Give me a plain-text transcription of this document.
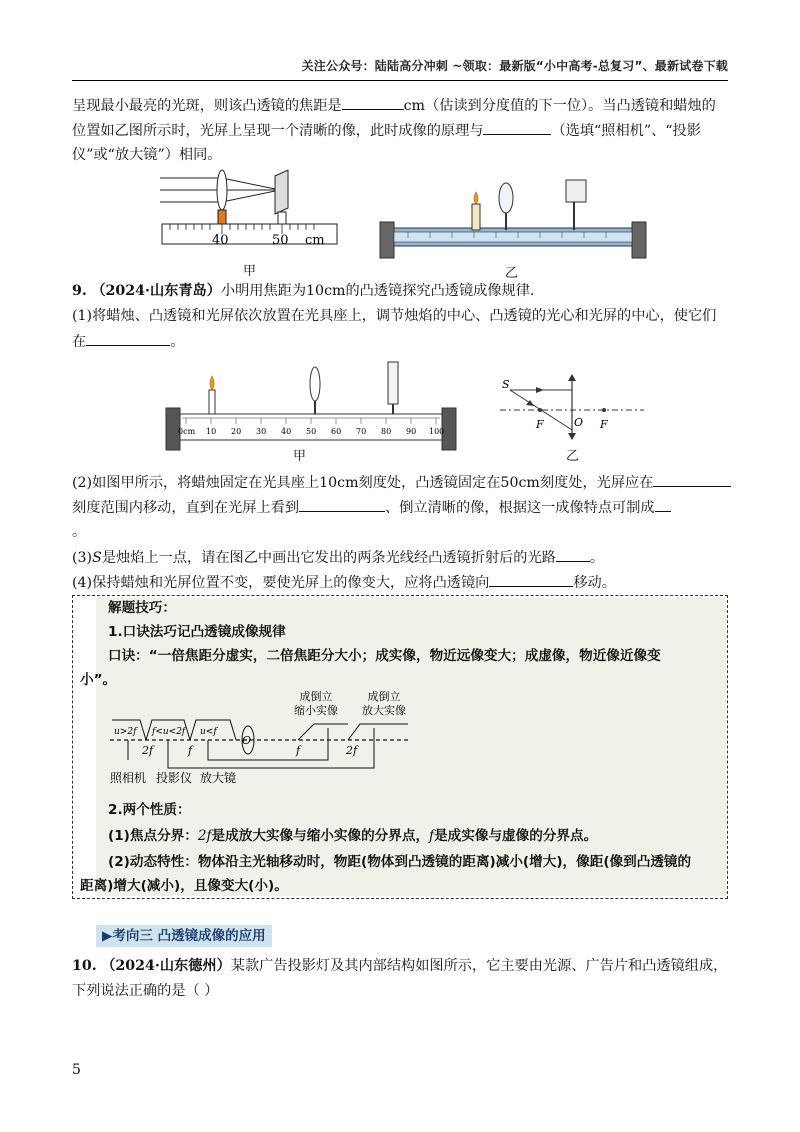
关注公众号：陆陆高分冲刺 ~领取：最新版“小中高考-总复习”、最新试卷下载
呈现最小最亮的光斑，则该凸透镜的焦距是	cm（估读到分度值的下一位）。当凸透镜和蜡烛的
位置如乙图所示时，光屏上呈现一个清晰的像，此时成像的原理与	（选填“照相机”、“投影
仪”或“放大镜”）相同。
40	50 cm
甲	乙
9. （2024·山东青岛）小明用焦距为10cm的凸透镜探究凸透镜成像规律.
(1)将蜡烛、凸透镜和光屏依次放置在光具座上，调节烛焰的中心、凸透镜的光心和光屏的中心，使它们
在	。
0cm 10 20 30 40 50 60 70 80 90 100
甲
S
F	O F
乙
(2)如图甲所示，将蜡烛固定在光具座上10cm刻度处，凸透镜固定在50cm刻度处，光屏应在
刻度范围内移动，直到在光屏上看到	、倒立清晰的像，根据这一成像特点可制成
。
(3)S是烛焰上一点，请在图乙中画出它发出的两条光线经凸透镜折射后的光路 。
(4)保持蜡烛和光屏位置不变，要使光屏上的像变大，应将凸透镜向	移动。
解题技巧：
1.口诀法巧记凸透镜成像规律
口诀：“一倍焦距分虚实，二倍焦距分大小；成实像，物近远像变大；成虚像，物近像近像变
小”。
成倒立
缩小实像
成倒立
放大实像
u>2f f<u<2f u<f
2f	f
O
f	2f
照相机 投影仪 放大镜
2.两个性质：
(1)焦点分界：2f是成放大实像与缩小实像的分界点，f是成实像与虚像的分界点。
(2)动态特性：物体沿主光轴移动时，物距(物体到凸透镜的距离)减小(增大)，像距(像到凸透镜的
距离)增大(减小)，且像变大(小)。
▶考向三 凸透镜成像的应用
10. （2024·山东德州）某款广告投影灯及其内部结构如图所示，它主要由光源、广告片和凸透镜组成，
下列说法正确的是（ ）
5
